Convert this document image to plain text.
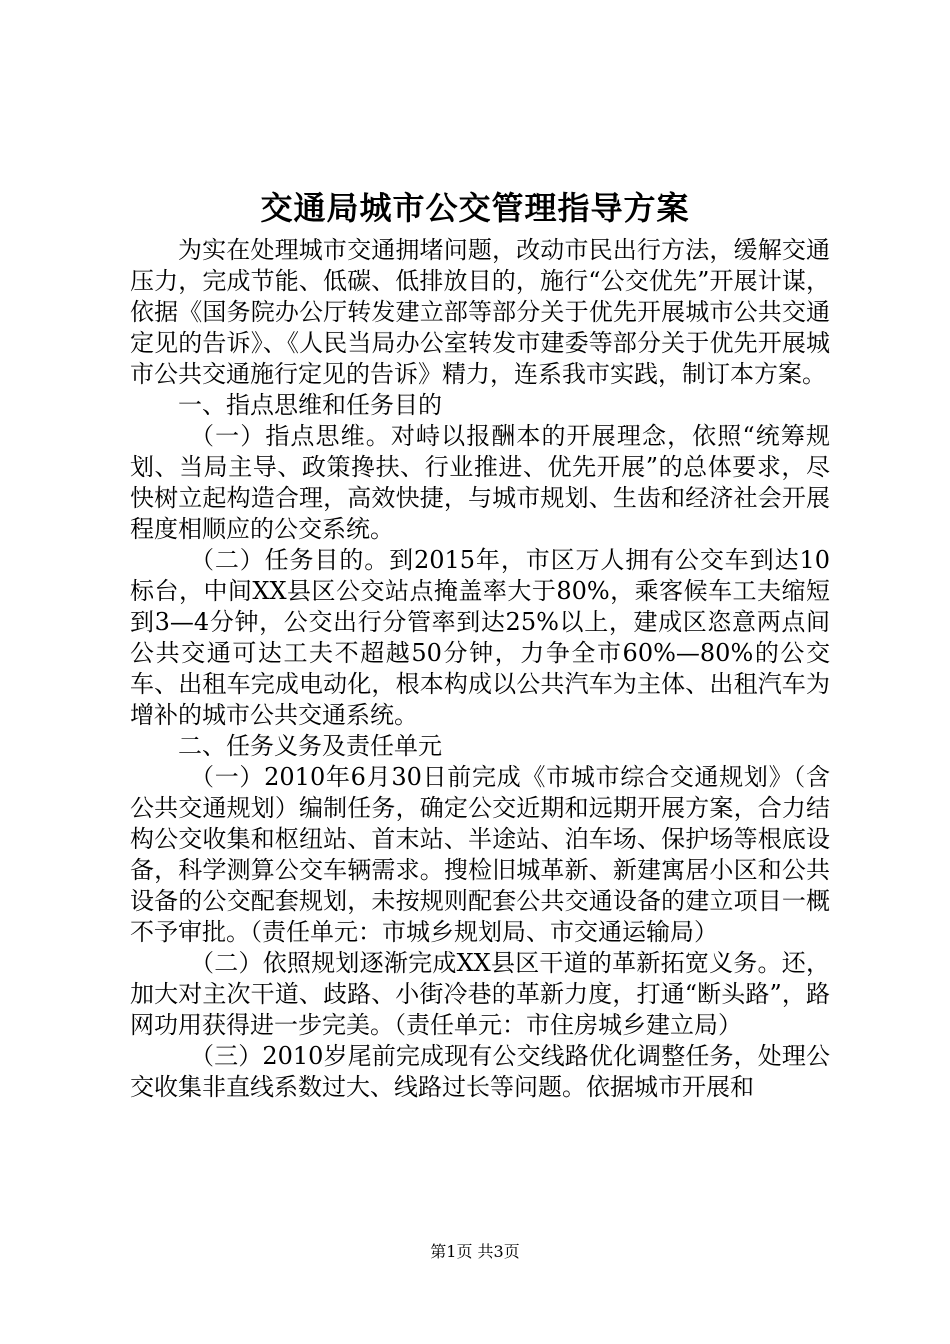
交通局城市公交管理指导方案

为实在处理城市交通拥堵问题，改动市民出行方法，缓解交通压力，完成节能、低碳、低排放目的，施行“公交优先”开展计谋，依据《国务院办公厅转发建立部等部分关于优先开展城市公共交通定见的告诉》、《人民当局办公室转发市建委等部分关于优先开展城市公共交通施行定见的告诉》精力，连系我市实践，制订本方案。

一、指点思维和任务目的

（一）指点思维。对峙以报酬本的开展理念，依照“统筹规划、当局主导、政策搀扶、行业推进、优先开展”的总体要求，尽快树立起构造合理，高效快捷，与城市规划、生齿和经济社会开展程度相顺应的公交系统。

（二）任务目的。到2015年，市区万人拥有公交车到达10标台，中间XX县区公交站点掩盖率大于80%，乘客候车工夫缩短到3—4分钟，公交出行分管率到达25%以上，建成区恣意两点间公共交通可达工夫不超越50分钟，力争全市60%—80%的公交车、出租车完成电动化，根本构成以公共汽车为主体、出租汽车为增补的城市公共交通系统。

二、任务义务及责任单元

（一）2010年6月30日前完成《市城市综合交通规划》（含公共交通规划）编制任务，确定公交近期和远期开展方案，合力结构公交收集和枢纽站、首末站、半途站、泊车场、保护场等根底设备，科学测算公交车辆需求。搜检旧城革新、新建寓居小区和公共设备的公交配套规划，未按规则配套公共交通设备的建立项目一概不予审批。（责任单元：市城乡规划局、市交通运输局）

（二）依照规划逐渐完成XX县区干道的革新拓宽义务。还，加大对主次干道、歧路、小街冷巷的革新力度，打通“断头路”，路网功用获得进一步完美。（责任单元：市住房城乡建立局）

（三）2010岁尾前完成现有公交线路优化调整任务，处理公交收集非直线系数过大、线路过长等问题。依据城市开展和

第1页 共3页
